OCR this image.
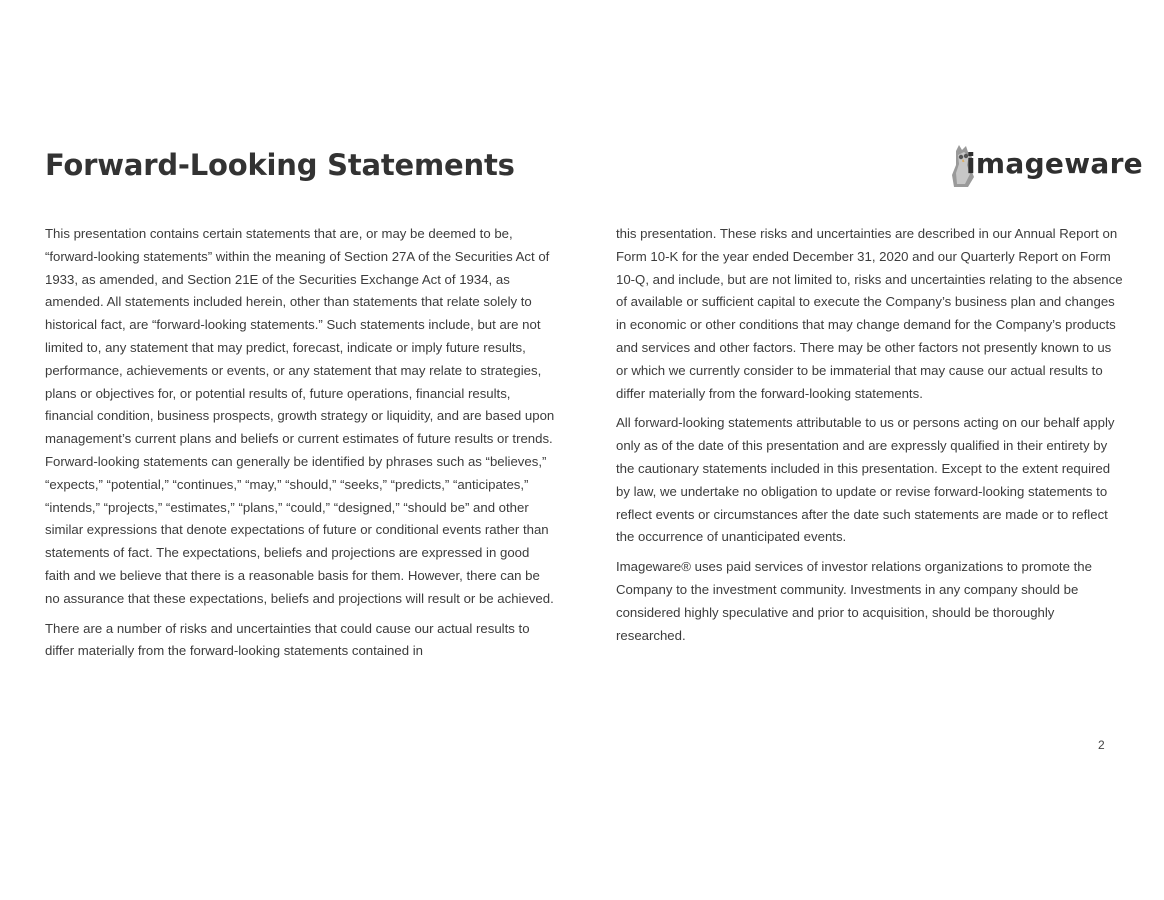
Forward-Looking Statements	imageware

This presentation contains certain statements that are, or may be deemed to be, “forward-looking statements” within the meaning of Section 27A of the Securities Act of 1933, as amended, and Section 21E of the Securities Exchange Act of 1934, as amended. All statements included herein, other than statements that relate solely to historical fact, are “forward-looking statements.” Such statements include, but are not limited to, any statement that may predict, forecast, indicate or imply future results, performance, achievements or events, or any statement that may relate to strategies, plans or objectives for, or potential results of, future operations, financial results, financial condition, business prospects, growth strategy or liquidity, and are based upon management’s current plans and beliefs or current estimates of future results or trends. Forward-looking statements can generally be identified by phrases such as “believes,” “expects,” “potential,” “continues,” “may,” “should,” “seeks,” “predicts,” “anticipates,” “intends,” “projects,” “estimates,” “plans,” “could,” “designed,” “should be” and other similar expressions that denote expectations of future or conditional events rather than statements of fact. The expectations, beliefs and projections are expressed in good faith and we believe that there is a reasonable basis for them. However, there can be no assurance that these expectations, beliefs and projections will result or be achieved.

There are a number of risks and uncertainties that could cause our actual results to differ materially from the forward-looking statements contained in

this presentation. These risks and uncertainties are described in our Annual Report on Form 10-K for the year ended December 31, 2020 and our Quarterly Report on Form 10-Q, and include, but are not limited to, risks and uncertainties relating to the absence of available or sufficient capital to execute the Company’s business plan and changes in economic or other conditions that may change demand for the Company’s products and services and other factors. There may be other factors not presently known to us or which we currently consider to be immaterial that may cause our actual results to differ materially from the forward-looking statements.

All forward-looking statements attributable to us or persons acting on our behalf apply only as of the date of this presentation and are expressly qualified in their entirety by the cautionary statements included in this presentation. Except to the extent required by law, we undertake no obligation to update or revise forward-looking statements to reflect events or circumstances after the date such statements are made or to reflect the occurrence of unanticipated events.

Imageware® uses paid services of investor relations organizations to promote the Company to the investment community. Investments in any company should be considered highly speculative and prior to acquisition, should be thoroughly researched.

2
